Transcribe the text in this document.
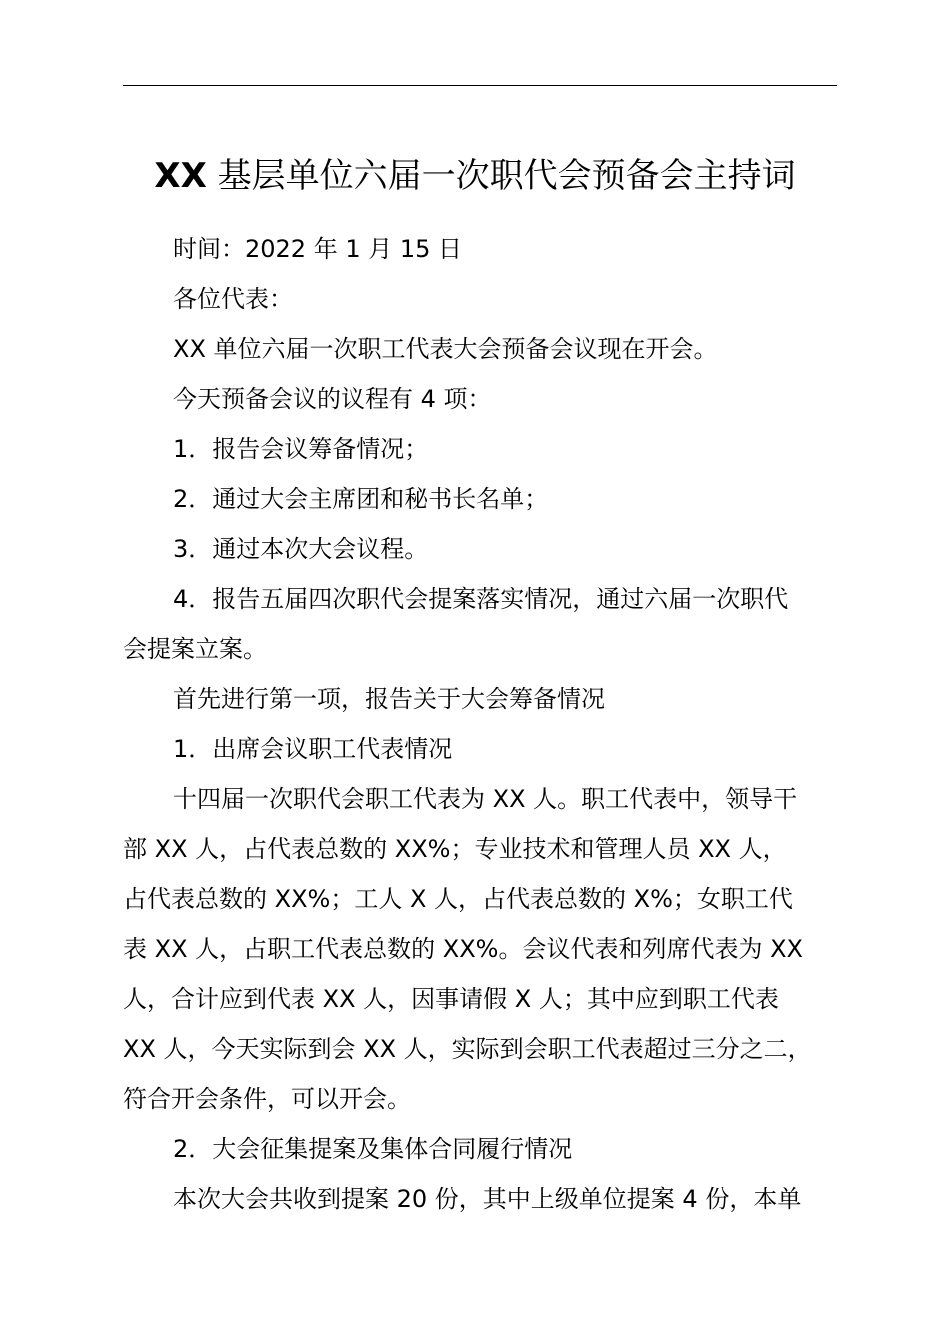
XX 基层单位六届一次职代会预备会主持词

时间：2022 年 1 月 15 日

各位代表：

XX 单位六届一次职工代表大会预备会议现在开会。

今天预备会议的议程有 4 项：

1．报告会议筹备情况；

2．通过大会主席团和秘书长名单；

3．通过本次大会议程。

4．报告五届四次职代会提案落实情况，通过六届一次职代
会提案立案。

首先进行第一项，报告关于大会筹备情况

1．出席会议职工代表情况

十四届一次职代会职工代表为 XX 人。职工代表中，领导干
部 XX 人，占代表总数的 XX%；专业技术和管理人员 XX 人，
占代表总数的 XX%；工人 X 人，占代表总数的 X%；女职工代
表 XX 人，占职工代表总数的 XX%。会议代表和列席代表为 XX
人，合计应到代表 XX 人，因事请假 X 人；其中应到职工代表
XX 人，今天实际到会 XX 人，实际到会职工代表超过三分之二，
符合开会条件，可以开会。

2．大会征集提案及集体合同履行情况

本次大会共收到提案 20 份，其中上级单位提案 4 份，本单
